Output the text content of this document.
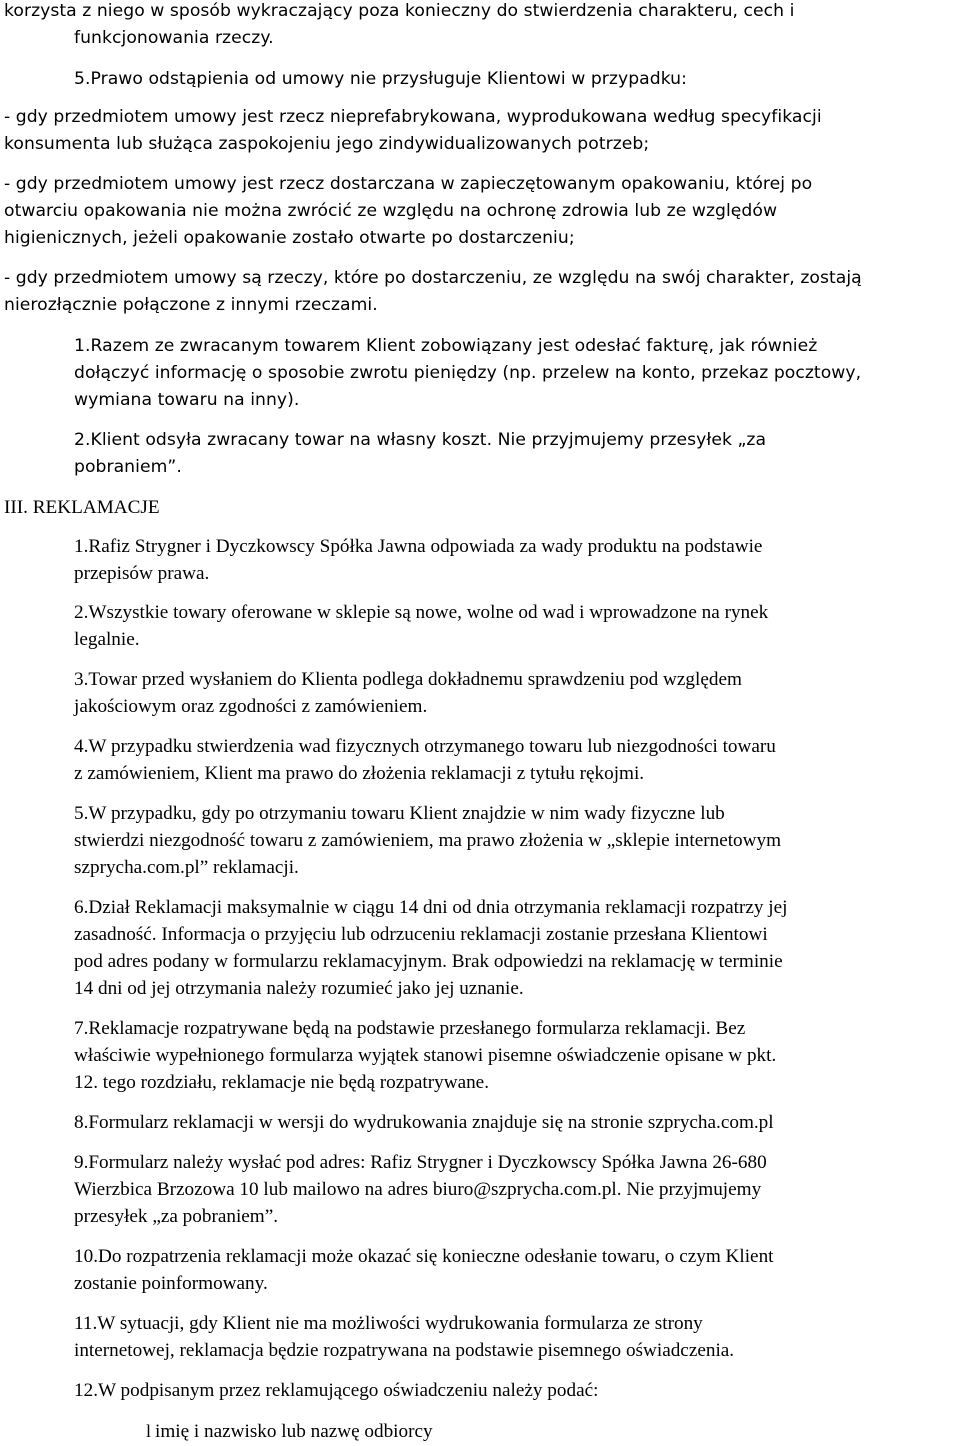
korzysta z niego w sposób wykraczający poza konieczny do stwierdzenia charakteru, cech i

funkcjonowania rzeczy.

5.Prawo odstąpienia od umowy nie przysługuje Klientowi w przypadku:

- gdy przedmiotem umowy jest rzecz nieprefabrykowana, wyprodukowana według specyfikacji

konsumenta lub służąca zaspokojeniu jego zindywidualizowanych potrzeb;

- gdy przedmiotem umowy jest rzecz dostarczana w zapieczętowanym opakowaniu, której po

otwarciu opakowania nie można zwrócić ze względu na ochronę zdrowia lub ze względów

higienicznych, jeżeli opakowanie zostało otwarte po dostarczeniu;

- gdy przedmiotem umowy są rzeczy, które po dostarczeniu, ze względu na swój charakter, zostają

nierozłącznie połączone z innymi rzeczami.

1.Razem ze zwracanym towarem Klient zobowiązany jest odesłać fakturę, jak również

dołączyć informację o sposobie zwrotu pieniędzy (np. przelew na konto, przekaz pocztowy,

wymiana towaru na inny).

2.Klient odsyła zwracany towar na własny koszt. Nie przyjmujemy przesyłek „za

pobraniem”.

III. REKLAMACJE

1.Rafiz Strygner i Dyczkowscy Spółka Jawna odpowiada za wady produktu na podstawie

przepisów prawa.

2.Wszystkie towary oferowane w sklepie są nowe, wolne od wad i wprowadzone na rynek

legalnie.

3.Towar przed wysłaniem do Klienta podlega dokładnemu sprawdzeniu pod względem

jakościowym oraz zgodności z zamówieniem.

4.W przypadku stwierdzenia wad fizycznych otrzymanego towaru lub niezgodności towaru

z zamówieniem, Klient ma prawo do złożenia reklamacji z tytułu rękojmi.

5.W przypadku, gdy po otrzymaniu towaru Klient znajdzie w nim wady fizyczne lub

stwierdzi niezgodność towaru z zamówieniem, ma prawo złożenia w „sklepie internetowym

szprycha.com.pl” reklamacji.

6.Dział Reklamacji maksymalnie w ciągu 14 dni od dnia otrzymania reklamacji rozpatrzy jej

zasadność. Informacja o przyjęciu lub odrzuceniu reklamacji zostanie przesłana Klientowi

pod adres podany w formularzu reklamacyjnym. Brak odpowiedzi na reklamację w terminie

14 dni od jej otrzymania należy rozumieć jako jej uznanie.

7.Reklamacje rozpatrywane będą na podstawie przesłanego formularza reklamacji. Bez

właściwie wypełnionego formularza wyjątek stanowi pisemne oświadczenie opisane w pkt.

12. tego rozdziału, reklamacje nie będą rozpatrywane.

8.Formularz reklamacji w wersji do wydrukowania znajduje się na stronie szprycha.com.pl

9.Formularz należy wysłać pod adres: Rafiz Strygner i Dyczkowscy Spółka Jawna 26-680

Wierzbica Brzozowa 10 lub mailowo na adres biuro@szprycha.com.pl. Nie przyjmujemy

przesyłek „za pobraniem”.

10.Do rozpatrzenia reklamacji może okazać się konieczne odesłanie towaru, o czym Klient

zostanie poinformowany.

11.W sytuacji, gdy Klient nie ma możliwości wydrukowania formularza ze strony

internetowej, reklamacja będzie rozpatrywana na podstawie pisemnego oświadczenia.

12.W podpisanym przez reklamującego oświadczeniu należy podać:

l imię i nazwisko lub nazwę odbiorcy
